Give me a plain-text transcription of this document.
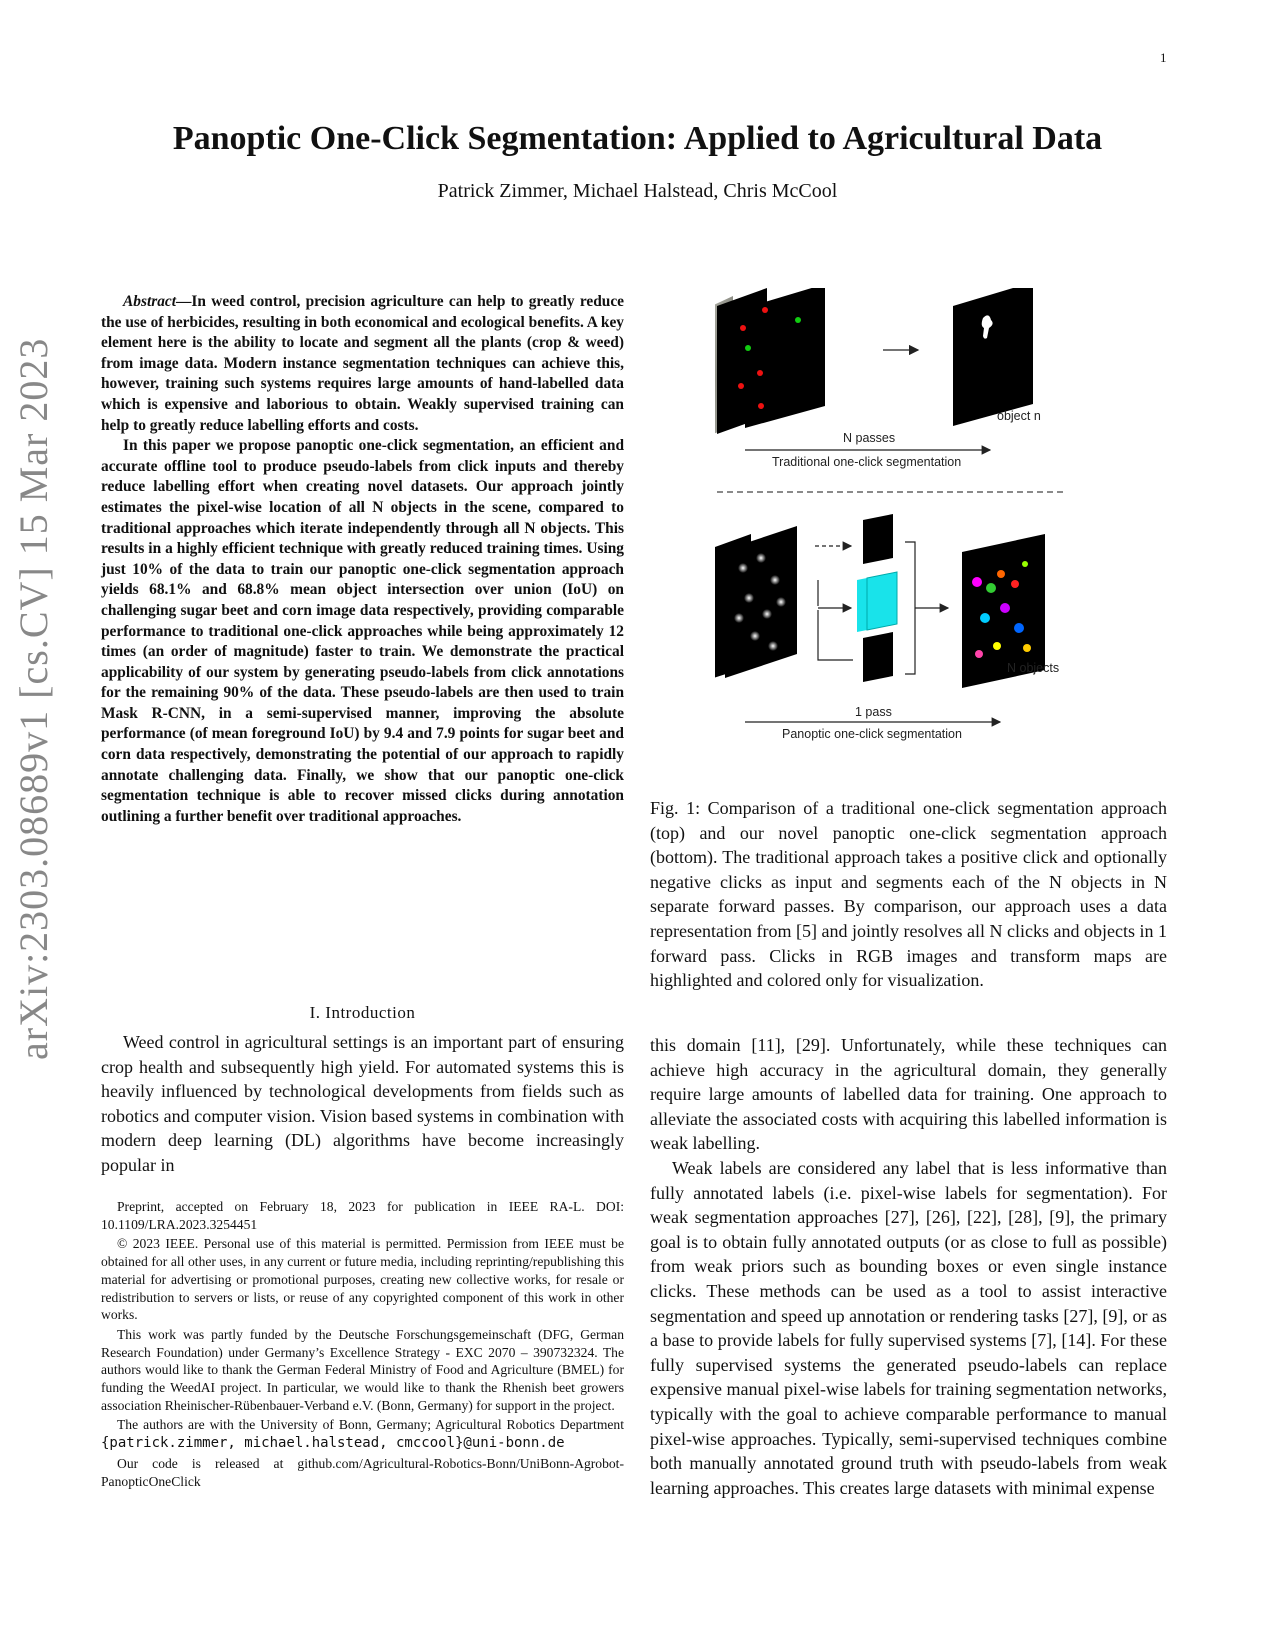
1
arXiv:2303.08689v1 [cs.CV] 15 Mar 2023
Panoptic One-Click Segmentation: Applied to Agricultural Data
Patrick Zimmer, Michael Halstead, Chris McCool

Abstract—In weed control, precision agriculture can help to greatly reduce the use of herbicides, resulting in both economical and ecological benefits. A key element here is the ability to locate and segment all the plants (crop & weed) from image data. Modern instance segmentation techniques can achieve this, however, training such systems requires large amounts of hand-labelled data which is expensive and laborious to obtain. Weakly supervised training can help to greatly reduce labelling efforts and costs.

In this paper we propose panoptic one-click segmentation, an efficient and accurate offline tool to produce pseudo-labels from click inputs and thereby reduce labelling effort when creating novel datasets. Our approach jointly estimates the pixel-wise location of all N objects in the scene, compared to traditional approaches which iterate independently through all N objects. This results in a highly efficient technique with greatly reduced training times. Using just 10% of the data to train our panoptic one-click segmentation approach yields 68.1% and 68.8% mean object intersection over union (IoU) on challenging sugar beet and corn image data respectively, providing comparable performance to traditional one-click approaches while being approximately 12 times (an order of magnitude) faster to train. We demonstrate the practical applicability of our system by generating pseudo-labels from click annotations for the remaining 90% of the data. These pseudo-labels are then used to train Mask R-CNN, in a semi-supervised manner, improving the absolute performance (of mean foreground IoU) by 9.4 and 7.9 points for sugar beet and corn data respectively, demonstrating the potential of our approach to rapidly annotate challenging data. Finally, we show that our panoptic one-click segmentation technique is able to recover missed clicks during annotation outlining a further benefit over traditional approaches.

I. Introduction

Weed control in agricultural settings is an important part of ensuring crop health and subsequently high yield. For automated systems this is heavily influenced by technological developments from fields such as robotics and computer vision. Vision based systems in combination with modern deep learning (DL) algorithms have become increasingly popular in

Preprint, accepted on February 18, 2023 for publication in IEEE RA-L. DOI: 10.1109/LRA.2023.3254451

© 2023 IEEE. Personal use of this material is permitted. Permission from IEEE must be obtained for all other uses, in any current or future media, including reprinting/republishing this material for advertising or promotional purposes, creating new collective works, for resale or redistribution to servers or lists, or reuse of any copyrighted component of this work in other works.

This work was partly funded by the Deutsche Forschungsgemeinschaft (DFG, German Research Foundation) under Germany’s Excellence Strategy - EXC 2070 – 390732324. The authors would like to thank the German Federal Ministry of Food and Agriculture (BMEL) for funding the WeedAI project. In particular, we would like to thank the Rhenish beet growers association Rheinischer-Rübenbauer-Verband e.V. (Bonn, Germany) for support in the project.

The authors are with the University of Bonn, Germany; Agricultural Robotics Department {patrick.zimmer, michael.halstead, cmccool}@uni-bonn.de

Our code is released at github.com/Agricultural-Robotics-Bonn/UniBonn-Agrobot-PanopticOneClick

object n
N passes
Traditional one-click segmentation
N objects
1 pass
Panoptic one-click segmentation
Fig. 1: Comparison of a traditional one-click segmentation approach (top) and our novel panoptic one-click segmentation approach (bottom). The traditional approach takes a positive click and optionally negative clicks as input and segments each of the N objects in N separate forward passes. By comparison, our approach uses a data representation from [5] and jointly resolves all N clicks and objects in 1 forward pass. Clicks in RGB images and transform maps are highlighted and colored only for visualization.

this domain [11], [29]. Unfortunately, while these techniques can achieve high accuracy in the agricultural domain, they generally require large amounts of labelled data for training. One approach to alleviate the associated costs with acquiring this labelled information is weak labelling.

Weak labels are considered any label that is less informative than fully annotated labels (i.e. pixel-wise labels for segmentation). For weak segmentation approaches [27], [26], [22], [28], [9], the primary goal is to obtain fully annotated outputs (or as close to full as possible) from weak priors such as bounding boxes or even single instance clicks. These methods can be used as a tool to assist interactive segmentation and speed up annotation or rendering tasks [27], [9], or as a base to provide labels for fully supervised systems [7], [14]. For these fully supervised systems the generated pseudo-labels can replace expensive manual pixel-wise labels for training segmentation networks, typically with the goal to achieve comparable performance to manual pixel-wise approaches. Typically, semi-supervised techniques combine both manually annotated ground truth with pseudo-labels from weak learning approaches. This creates large datasets with minimal expense
